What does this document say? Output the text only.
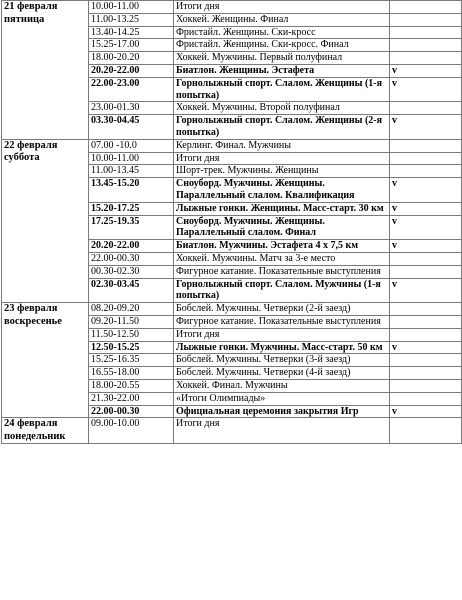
21 февраля
пятница	10.00-11.00	Итоги дня	
	11.00-13.25	Хоккей. Женщины. Финал	
	13.40-14.25	Фристайл. Женщины. Ски-кросс	
	15.25-17.00	Фристайл. Женщины. Ски-кросс. Финал	
	18.00-20.20	Хоккей. Мужчины. Первый полуфинал	
	20.20-22.00	Биатлон. Женщины. Эстафета	v
	22.00-23.00	Горнолыжный спорт. Слалом. Женщины (1-я попытка)	v
	23.00-01.30	Хоккей. Мужчины. Второй полуфинал	
	03.30-04.45	Горнолыжный спорт. Слалом. Женщины (2-я попытка)	v

22 февраля
суббота	07.00 -10.0	Керлинг. Финал. Мужчины	
	10.00-11.00	Итоги дня	
	11.00-13.45	Шорт-трек. Мужчины. Женщины	
	13.45-15.20	Сноуборд. Мужчины. Женщины. Параллельный слалом. Квалификация	v
	15.20-17.25	Лыжные гонки. Женщины. Масс-старт. 30 км	v
	17.25-19.35	Сноуборд. Мужчины. Женщины. Параллельный слалом. Финал	v
	20.20-22.00	Биатлон. Мужчины. Эстафета 4 х 7,5 км	v
	22.00-00.30	Хоккей. Мужчины. Матч за 3-е место	
	00.30-02.30	Фигурное катание. Показательные выступления	
	02.30-03.45	Горнолыжный спорт. Слалом. Мужчины (1-я попытка)	v

23 февраля
воскресенье	08.20-09.20	Бобслей. Мужчины. Четверки (2-й заезд)	
	09.20-11.50	Фигурное катание. Показательные выступления	
	11.50-12.50	Итоги дня	
	12.50-15.25	Лыжные гонки. Мужчины. Масс-старт. 50 км	v
	15.25-16.35	Бобслей. Мужчины. Четверки (3-й заезд)	
	16.55-18.00	Бобслей. Мужчины. Четверки (4-й заезд)	
	18.00-20.55	Хоккей. Финал. Мужчины	
	21.30-22.00	«Итоги Олимпиады»	
	22.00-00.30	Официальная церемония закрытия Игр	v

24 февраля
понедельник	09.00-10.00	Итоги дня	
